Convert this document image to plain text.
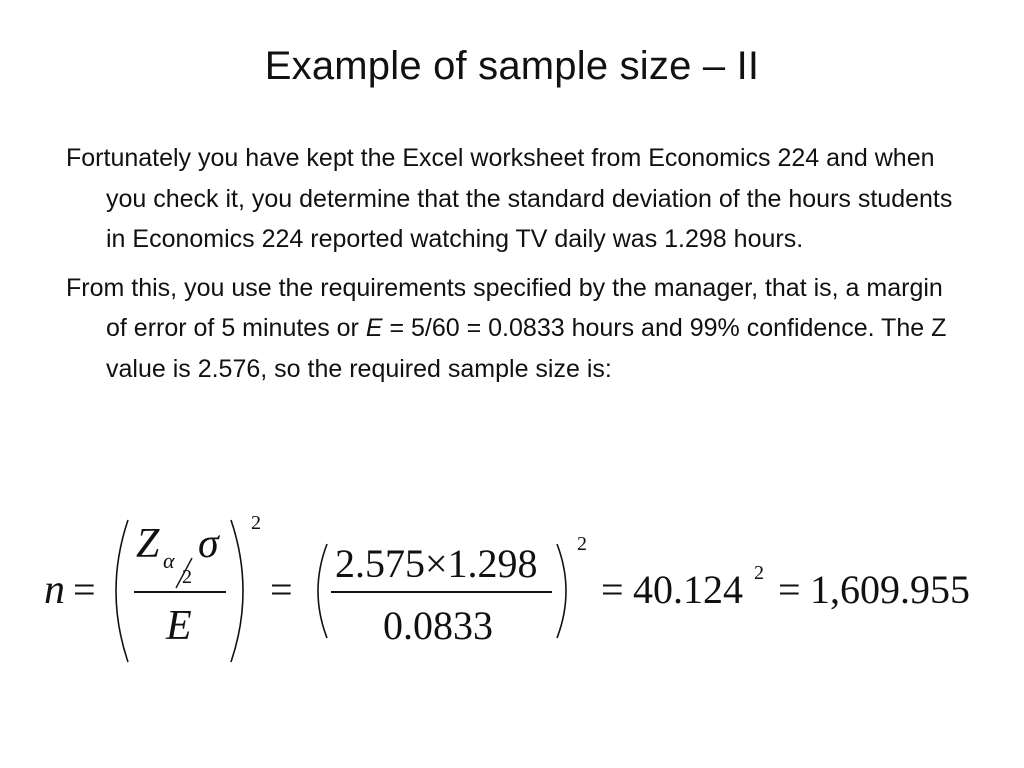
Example of sample size – II

Fortunately you have kept the Excel worksheet from Economics 224 and when you check it, you determine that the standard deviation of the hours students in Economics 224 reported watching TV daily was 1.298 hours.

From this, you use the requirements specified by the manager, that is, a margin of error of 5 minutes or E = 5/60 = 0.0833 hours and 99% confidence. The Z value is 2.576, so the required sample size is:

n =
Z α
2
σ
E
2
=
2.575×1.298
0.0833
2
= 40.124 2 = 1,609.955
